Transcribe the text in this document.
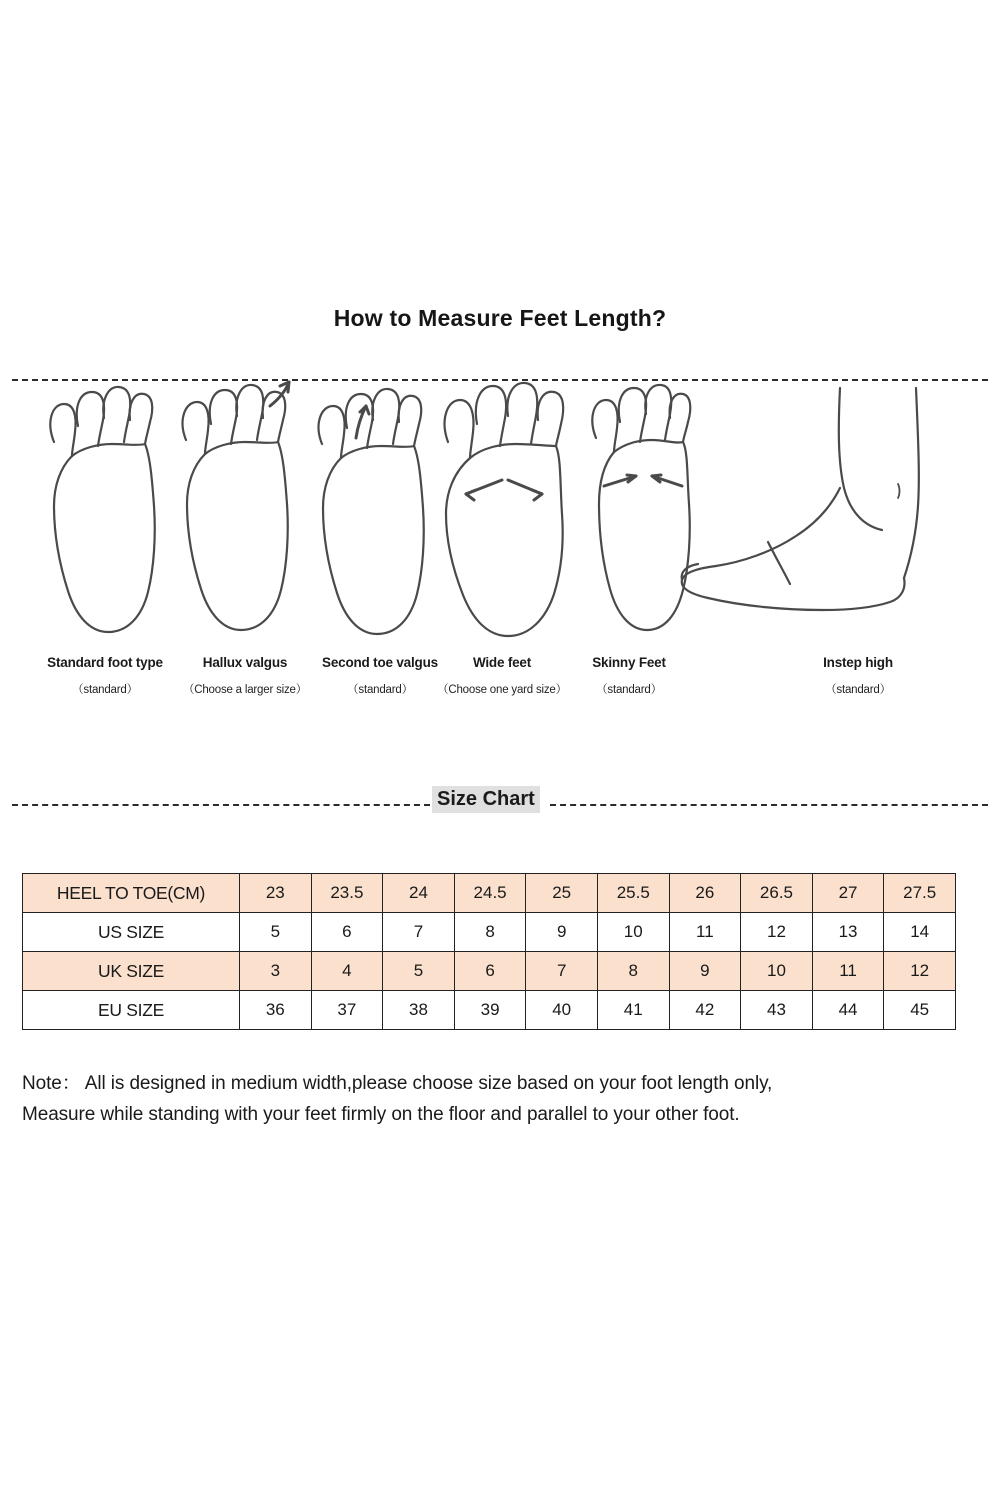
How to Measure Feet Length?
Standard foot type
（standard）
Hallux valgus
（Choose a larger size）
Second toe valgus
（standard）
Wide feet
（Choose one yard size）
Skinny Feet
（standard）
Instep high
（standard）
Size Chart
HEEL TO TOE(CM)	23	23.5	24	24.5	25	25.5	26	26.5	27	27.5
US SIZE	5	6	7	8	9	10	11	12	13	14
UK SIZE	3	4	5	6	7	8	9	10	11	12
EU SIZE	36	37	38	39	40	41	42	43	44	45
Note： All is designed in medium width,please choose size based on your foot length only,
Measure while standing with your feet firmly on the floor and parallel to your other foot.
